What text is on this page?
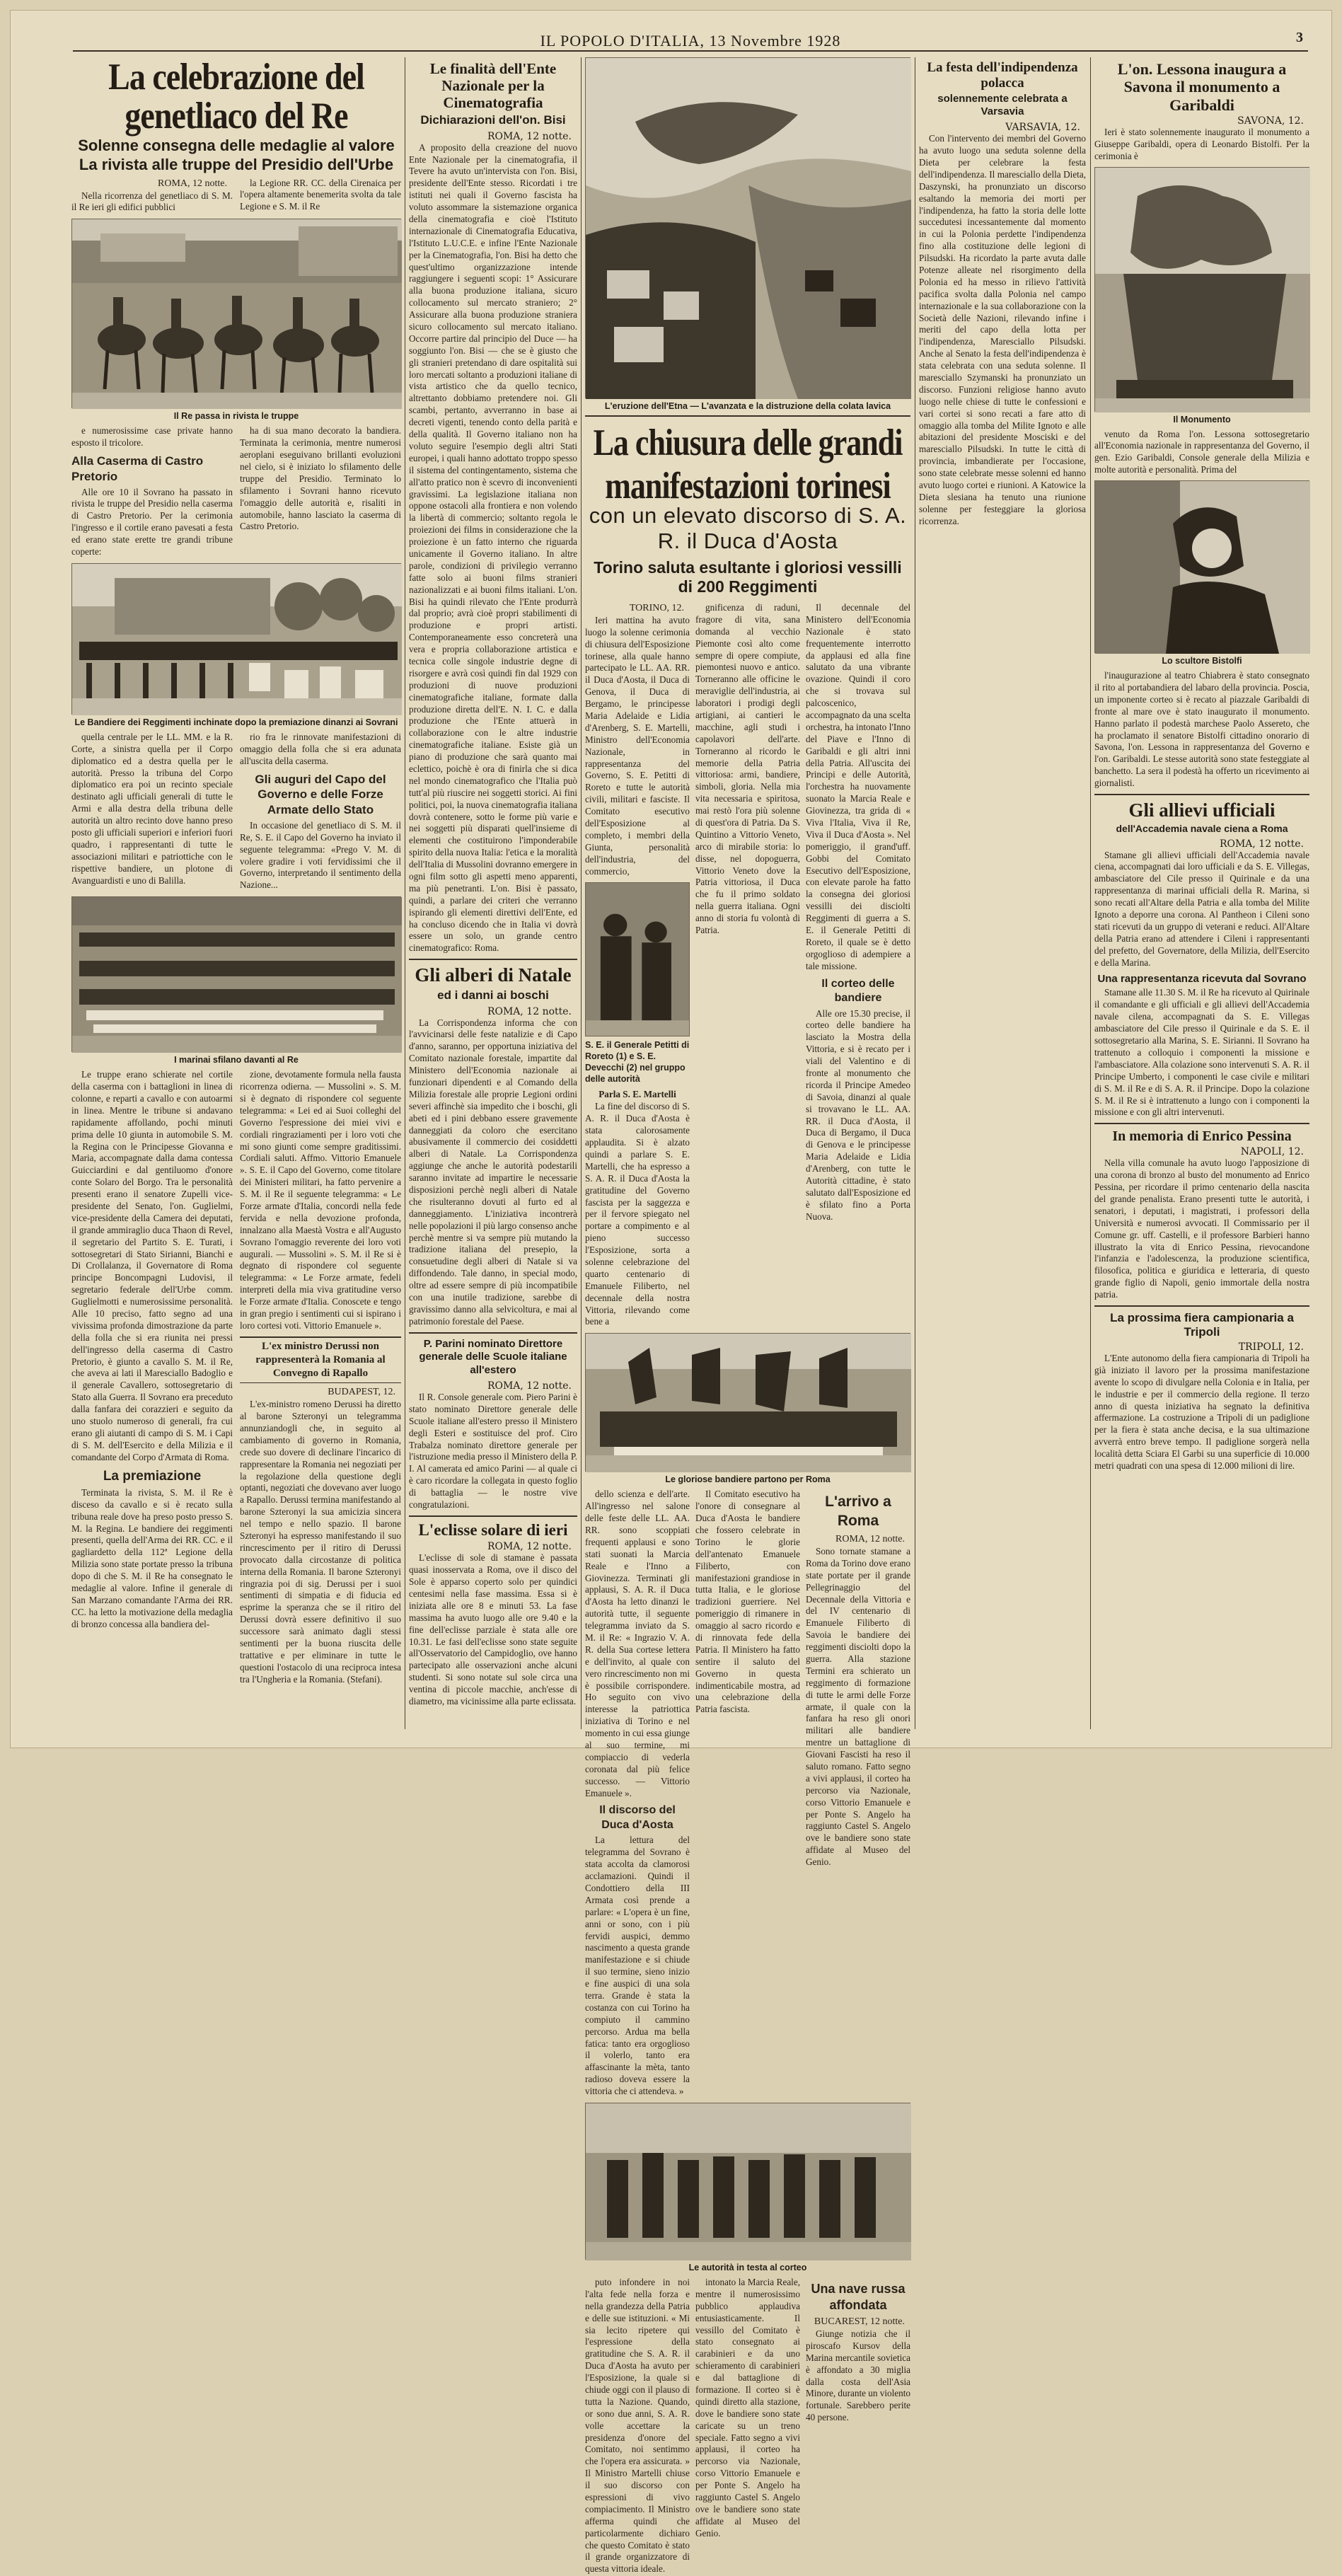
IL POPOLO D'ITALIA, 13 Novembre 1928	3
La celebrazione del genetliaco del Re
Solenne consegna delle medaglie al valore
La rivista alle truppe del Presidio dell'Urbe
ROMA, 12 notte.

Nella ricorrenza del genetliaco di S. M. il Re ieri gli edifici pubblici

la Legione RR. CC. della Cirenaica per l'opera altamente benemerita svolta da tale Legione e S. M. il Re

Il Re passa in rivista le truppe

e numerosissime case private hanno esposto il tricolore.

Alla Caserma di Castro Pretorio

Alle ore 10 il Sovrano ha passato in rivista le truppe del Presidio nella caserma di Castro Pretorio. Per la cerimonia l'ingresso e il cortile erano pavesati a festa ed erano state erette tre grandi tribune coperte:

ha di sua mano decorato la bandiera. Terminata la cerimonia, mentre numerosi aeroplani eseguivano brillanti evoluzioni nel cielo, si è iniziato lo sfilamento delle truppe del Presidio. Terminato lo sfilamento i Sovrani hanno ricevuto l'omaggio delle autorità e, risaliti in automobile, hanno lasciato la caserma di Castro Pretorio.

Le Bandiere dei Reggimenti inchinate dopo la premiazione dinanzi ai Sovrani

quella centrale per le LL. MM. e la R. Corte, a sinistra quella per il Corpo diplomatico ed a destra quella per le autorità. Presso la tribuna del Corpo diplomatico era poi un recinto speciale destinato agli ufficiali generali di tutte le Armi e alla destra della tribuna delle autorità un altro recinto dove hanno preso posto gli ufficiali superiori e inferiori fuori quadro, i rappresentanti di tutte le associazioni militari e patriottiche con le rispettive bandiere, un plotone di Avanguardisti e uno di Balilla.

rio fra le rinnovate manifestazioni di omaggio della folla che si era adunata all'uscita della caserma.

Gli auguri del Capo del Governo e delle Forze Armate dello Stato

In occasione del genetliaco di S. M. il Re, S. E. il Capo del Governo ha inviato il seguente telegramma: «Prego V. M. di volere gradire i voti fervidissimi che il Governo, interpretando il sentimento della Nazione...

I marinai sfilano davanti al Re

Le truppe erano schierate nel cortile della caserma con i battaglioni in linea di colonne, e reparti a cavallo e con autoarmi in linea. Mentre le tribune si andavano rapidamente affollando, pochi minuti prima delle 10 giunta in automobile S. M. la Regina con le Principesse Giovanna e Maria, accompagnate dalla dama contessa Guicciardini e dal gentiluomo d'onore conte Solaro del Borgo. Tra le personalità presenti erano il senatore Zupelli vice-presidente del Senato, l'on. Guglielmi, vice-presidente della Camera dei deputati, il grande ammiraglio duca Thaon di Revel, il segretario del Partito S. E. Turati, i sottosegretari di Stato Sirianni, Bianchi e Di Crollalanza, il Governatore di Roma principe Boncompagni Ludovisi, il segretario federale dell'Urbe comm. Guglielmotti e numerosissime personalità. Alle 10 preciso, fatto segno ad una vivissima profonda dimostrazione da parte della folla che si era riunita nei pressi dell'ingresso della caserma di Castro Pretorio, è giunto a cavallo S. M. il Re, che aveva ai lati il Maresciallo Badoglio e il generale Cavallero, sottosegretario di Stato alla Guerra. Il Sovrano era preceduto dalla fanfara dei corazzieri e seguito da uno stuolo numeroso di generali, fra cui erano gli aiutanti di campo di S. M. i Capi di S. M. dell'Esercito e della Milizia e il comandante del Corpo d'Armata di Roma.

La premiazione

Terminata la rivista, S. M. il Re è disceso da cavallo e si è recato sulla tribuna reale dove ha preso posto presso S. M. la Regina. Le bandiere dei reggimenti presenti, quella dell'Arma dei RR. CC. e il gagliardetto della 112ª Legione della Milizia sono state portate presso la tribuna dopo di che S. M. il Re ha consegnato le medaglie al valore. Infine il generale di San Marzano comandante l'Arma dei RR. CC. ha letto la motivazione della medaglia di bronzo concessa alla bandiera del-

zione, devotamente formula nella fausta ricorrenza odierna. — Mussolini ». S. M. si è degnato di rispondere col seguente telegramma: « Lei ed ai Suoi colleghi del Governo l'espressione dei miei vivi e cordiali ringraziamenti per i loro voti che mi sono giunti come sempre graditissimi. Cordiali saluti. Affmo. Vittorio Emanuele ». S. E. il Capo del Governo, come titolare dei Ministeri militari, ha fatto pervenire a S. M. il Re il seguente telegramma: « Le Forze armate d'Italia, concordi nella fede fervida e nella devozione profonda, innalzano alla Maestà Vostra e all'Augusto Sovrano l'omaggio reverente dei loro voti augurali. — Mussolini ». S. M. il Re si è degnato di rispondere col seguente telegramma: « Le Forze armate, fedeli interpreti della mia viva gratitudine verso le Forze armate d'Italia. Conoscete e tengo in gran pregio i sentimenti cui si ispirano i loro cortesi voti. Vittorio Emanuele ».

L'ex ministro Derussi non rappresenterà la Romania al Convegno di Rapallo
BUDAPEST, 12.

L'ex-ministro romeno Derussi ha diretto al barone Szteronyi un telegramma annunziandogli che, in seguito al cambiamento di governo in Romania, crede suo dovere di declinare l'incarico di rappresentare la Romania nei negoziati per la regolazione della questione degli optanti, negoziati che dovevano aver luogo a Rapallo. Derussi termina manifestando al barone Szteronyi la sua amicizia sincera nel tempo e nello spazio. Il barone Szteronyi ha espresso manifestando il suo rincrescimento per il ritiro di Derussi provocato dalla circostanze di politica interna della Romania. Il barone Szteronyi ringrazia poi di sig. Derussi per i suoi sentimenti di simpatia e di fiducia ed esprime la speranza che se il ritiro del Derussi dovrà essere definitivo il suo successore sarà animato dagli stessi sentimenti per la buona riuscita delle trattative e per eliminare in tutte le questioni l'ostacolo di una reciproca intesa tra l'Ungheria e la Romania. (Stefani).

Le finalità dell'Ente Nazionale per la Cinematografia
Dichiarazioni dell'on. Bisi
ROMA, 12 notte.

A proposito della creazione del nuovo Ente Nazionale per la cinematografia, il Tevere ha avuto un'intervista con l'on. Bisi, presidente dell'Ente stesso. Ricordati i tre istituti nei quali il Governo fascista ha voluto assommare la sistemazione organica della cinematografia e cioè l'Istituto internazionale di Cinematografia Educativa, l'Istituto L.U.C.E. e infine l'Ente Nazionale per la Cinematografia, l'on. Bisi ha detto che quest'ultimo organizzazione intende raggiungere i seguenti scopi: 1° Assicurare alla buona produzione italiana, sicuro collocamento sul mercato straniero; 2° Assicurare alla buona produzione straniera sicuro collocamento sul mercato italiano. Occorre partire dal principio del Duce — ha soggiunto l'on. Bisi — che se è giusto che gli stranieri pretendano di dare ospitalità sui loro mercati soltanto a produzioni italiane di vista artistico che da quello tecnico, altrettanto dobbiamo pretendere noi. Gli scambi, pertanto, avverranno in base ai decreti vigenti, tenendo conto della parità e della qualità. Il Governo italiano non ha voluto seguire l'esempio degli altri Stati europei, i quali hanno adottato troppo spesso il sistema del contingentamento, sistema che all'atto pratico non è scevro di inconvenienti gravissimi. La legislazione italiana non oppone ostacoli alla frontiera e non volendo la libertà di commercio; soltanto regola le proiezioni dei films in considerazione che la proiezione è un fatto interno che riguarda unicamente il Governo italiano. In altre parole, condizioni di privilegio verranno fatte solo ai buoni films stranieri nazionalizzati e ai buoni films italiani. L'on. Bisi ha quindi rilevato che l'Ente produrrà dal proprio; avrà cioè propri stabilimenti di produzione e propri artisti. Contemporaneamente esso concreterà una vera e propria collaborazione artistica e tecnica colle singole industrie degne di risorgere e avrà così quindi fin dal 1929 con produzioni di nuove produzioni cinematografiche italiane, formate dalla produzione diretta dell'E. N. I. C. e dalla produzione che l'Ente attuerà in collaborazione con le altre industrie cinematografiche italiane. Esiste già un piano di produzione che sarà quanto mai eclettico, poichè è ora di finirla che si dica nel mondo cinematografico che l'Italia può tutt'al più riuscire nei soggetti storici. Ai fini politici, poi, la nuova cinematografia italiana dovrà contenere, sotto le forme più varie e nei soggetti più disparati quell'insieme di elementi che costituirono l'imponderabile spirito della nuova Italia: l'etica e la moralità dell'Italia di Mussolini dovranno emergere in ogni film sotto gli aspetti meno apparenti, ma più penetranti. L'on. Bisi è passato, quindi, a parlare dei criteri che verranno ispirando gli elementi direttivi dell'Ente, ed ha concluso dicendo che in Italia vi dovrà essere un solo, un grande centro cinematografico: Roma.

Gli alberi di Natale
ed i danni ai boschi
ROMA, 12 notte.

La Corrispondenza informa che con l'avvicinarsi delle feste natalizie e di Capo d'anno, saranno, per opportuna iniziativa del Comitato nazionale forestale, impartite dal Ministero dell'Economia nazionale ai funzionari dipendenti e al Comando della Milizia forestale alle proprie Legioni ordini severi affinchè sia impedito che i boschi, gli abeti ed i pini debbano essere gravemente danneggiati da coloro che esercitano abusivamente il commercio dei cosiddetti alberi di Natale. La Corrispondenza aggiunge che anche le autorità podestarili saranno invitate ad impartire le necessarie disposizioni perchè negli alberi di Natale che risulteranno dovuti al furto ed al danneggiamento. L'iniziativa incontrerà nelle popolazioni il più largo consenso anche perchè mentre si va sempre più mutando la tradizione italiana del presepio, la consuetudine degli alberi di Natale si va diffondendo. Tale danno, in special modo, oltre ad essere sempre di più incompatibile con una inutile tradizione, sarebbe di gravissimo danno alla selvicoltura, e mai al patrimonio forestale del Paese.

P. Parini nominato Direttore generale delle Scuole italiane all'estero
ROMA, 12 notte.

Il R. Console generale com. Piero Parini è stato nominato Direttore generale delle Scuole italiane all'estero presso il Ministero degli Esteri e sostituisce del prof. Ciro Trabalza nominato direttore generale per l'istruzione media presso il Ministero della P. I. Al camerata ed amico Parini — al quale ci è caro ricordare la collegata in questo foglio di battaglia — le nostre vive congratulazioni.

L'eclisse solare di ieri
ROMA, 12 notte.

L'eclisse di sole di stamane è passata quasi inosservata a Roma, ove il disco del Sole è apparso coperto solo per quindici centesimi nella fase massima. Essa si è iniziata alle ore 8 e minuti 53. La fase massima ha avuto luogo alle ore 9.40 e la fine dell'eclisse parziale è stata alle ore 10.31. Le fasi dell'eclisse sono state seguite all'Osservatorio del Campidoglio, ove hanno partecipato alle osservazioni anche alcuni studenti. Si sono notate sul sole circa una ventina di piccole macchie, anch'esse di diametro, ma vicinissime alla parte eclissata.

L'eruzione dell'Etna — L'avanzata e la distruzione della colata lavica
La chiusura delle grandi manifestazioni torinesi
con un elevato discorso di S. A. R. il Duca d'Aosta
Torino saluta esultante i gloriosi vessilli di 200 Reggimenti
TORINO, 12.

Ieri mattina ha avuto luogo la solenne cerimonia di chiusura dell'Esposizione torinese, alla quale hanno partecipato le LL. AA. RR. il Duca d'Aosta, il Duca di Genova, il Duca di Bergamo, le principesse Maria Adelaide e Lidia d'Arenberg, S. E. Martelli, Ministro dell'Economia Nazionale, in rappresentanza del Governo, S. E. Petitti di Roreto e tutte le autorità civili, militari e fasciste. Il Comitato esecutivo dell'Esposizione al completo, i membri della Giunta, personalità dell'industria, del commercio,

S. E. il Generale Petitti di Roreto (1) e S. E. Devecchi (2) nel gruppo delle autorità

Parla S. E. Martelli

La fine del discorso di S. A. R. il Duca d'Aosta è stata calorosamente applaudita. Si è alzato quindi a parlare S. E. Martelli, che ha espresso a S. A. R. il Duca d'Aosta la gratitudine del Governo fascista per la saggezza e per il fervore spiegato nel portare a compimento e al pieno successo l'Esposizione, sorta a solenne celebrazione del quarto centenario di Emanuele Filiberto, nel decennale della nostra Vittoria, rilevando come bene a

gnificenza di raduni, fragore di vita, sana domanda al vecchio Piemonte così alto come sempre di opere compiute, piemontesi nuovo e antico. Torneranno alle officine le meraviglie dell'industria, ai laboratori i prodigi degli artigiani, ai cantieri le macchine, agli studi i capolavori dell'arte. Torneranno al ricordo le memorie della Patria vittoriosa: armi, bandiere, simboli, gloria. Nella mia vita necessaria e spiritosa, mai restò l'ora più solenne di quest'ora di Patria. Da S. Quintino a Vittorio Veneto, arco di mirabile storia: lo disse, nel dopoguerra, Vittorio Veneto dove la Patria vittoriosa, il Duca che fu il primo soldato nella guerra italiana. Ogni anno di storia fu volontà di Patria.

Il decennale del Ministero dell'Economia Nazionale è stato frequentemente interrotto da applausi ed alla fine salutato da una vibrante ovazione. Quindi il coro che si trovava sul palcoscenico, accompagnato da una scelta orchestra, ha intonato l'Inno del Piave e l'Inno di Garibaldi e gli altri inni della Patria. All'uscita dei Principi e delle Autorità, l'orchestra ha nuovamente suonato la Marcia Reale e Giovinezza, tra grida di « Viva l'Italia, Viva il Re, Viva il Duca d'Aosta ». Nel pomeriggio, il grand'uff. Gobbi del Comitato Esecutivo dell'Esposizione, con elevate parole ha fatto la consegna dei gloriosi vessilli dei disciolti Reggimenti di guerra a S. E. il Generale Petitti di Roreto, il quale se è detto orgoglioso di adempiere a tale missione.

Il corteo delle bandiere

Alle ore 15.30 precise, il corteo delle bandiere ha lasciato la Mostra della Vittoria, e si è recato per i viali del Valentino e di fronte al monumento che ricorda il Principe Amedeo di Savoia, dinanzi al quale si trovavano le LL. AA. RR. il Duca d'Aosta, il Duca di Bergamo, il Duca di Genova e le principesse Maria Adelaide e Lidia d'Arenberg, con tutte le Autorità cittadine, è stato salutato dall'Esposizione ed è sfilato fino a Porta Nuova.

Le gloriose bandiere partono per Roma

dello scienza e dell'arte. All'ingresso nel salone delle feste delle LL. AA. RR. sono scoppiati frequenti applausi e sono stati suonati la Marcia Reale e l'Inno a Giovinezza. Terminati gli applausi, S. A. R. il Duca d'Aosta ha letto dinanzi le autorità tutte, il seguente telegramma inviato da S. M. il Re: « Ingrazio V. A. R. della Sua cortese lettera e dell'invito, al quale con vero rincrescimento non mi è possibile corrispondere. Ho seguito con vivo interesse la patriottica iniziativa di Torino e nel momento in cui essa giunge al suo termine, mi compiaccio di vederla coronata dal più felice successo. — Vittorio Emanuele ».

Il discorso del Duca d'Aosta

La lettura del telegramma del Sovrano è stata accolta da clamorosi acclamazioni. Quindi il Condottiero della III Armata così prende a parlare: « L'opera è un fine, anni or sono, con i più fervidi auspici, demmo nascimento a questa grande manifestazione e si chiude il suo termine, sieno inizio e fine auspici di una sola terra. Grande è stata la costanza con cui Torino ha compiuto il cammino percorso. Ardua ma bella fatica: tanto era orgoglioso il volerlo, tanto era affascinante la mèta, tanto radioso doveva essere la vittoria che ci attendeva. »

Il Comitato esecutivo ha l'onore di consegnare al Duca d'Aosta le bandiere che fossero celebrate in Torino le glorie dell'antenato Emanuele Filiberto, con manifestazioni grandiose in tutta Italia, e le gloriose tradizioni guerriere. Nel pomeriggio di rimanere in omaggio al sacro ricordo e di rinnovata fede della Patria. Il Ministero ha fatto sentire il saluto del Governo in questa indimenticabile mostra, ad una celebrazione della Patria fascista.

L'arrivo a Roma
ROMA, 12 notte.

Sono tornate stamane a Roma da Torino dove erano state portate per il grande Pellegrinaggio del Decennale della Vittoria e del IV centenario di Emanuele Filiberto di Savoia le bandiere dei reggimenti disciolti dopo la guerra. Alla stazione Termini era schierato un reggimento di formazione di tutte le armi delle Forze armate, il quale con la fanfara ha reso gli onori militari alle bandiere mentre un battaglione di Giovani Fascisti ha reso il saluto romano. Fatto segno a vivi applausi, il corteo ha percorso via Nazionale, corso Vittorio Emanuele e per Ponte S. Angelo ha raggiunto Castel S. Angelo ove le bandiere sono state affidate al Museo del Genio.

Le autorità in testa al corteo

puto infondere in noi l'alta fede nella forza e nella grandezza della Patria e delle sue istituzioni. « Mi sia lecito ripetere qui l'espressione della gratitudine che S. A. R. il Duca d'Aosta ha avuto per l'Esposizione, la quale si chiude oggi con il plauso di tutta la Nazione. Quando, or sono due anni, S. A. R. volle accettare la presidenza d'onore del Comitato, noi sentimmo che l'opera era assicurata. » Il Ministro Martelli chiuse il suo discorso con espressioni di vivo compiacimento. Il Ministro afferma quindi che particolarmente dichiaro che questo Comitato è stato il grande organizzatore di questa vittoria ideale.

intonato la Marcia Reale, mentre il numerosissimo pubblico applaudiva entusiasticamente. Il vessillo del Comitato è stato consegnato ai carabinieri e da uno schieramento di carabinieri e dal battaglione di formazione. Il corteo si è quindi diretto alla stazione, dove le bandiere sono state caricate su un treno speciale. Fatto segno a vivi applausi, il corteo ha percorso via Nazionale, corso Vittorio Emanuele e per Ponte S. Angelo ha raggiunto Castel S. Angelo ove le bandiere sono state affidate al Museo del Genio.

Una nave russa affondata
BUCAREST, 12 notte.

Giunge notizia che il piroscafo Kursov della Marina mercantile sovietica è affondato a 30 miglia dalla costa dell'Asia Minore, durante un violento fortunale. Sarebbero perite 40 persone.

La festa dell'indipendenza polacca
solennemente celebrata a Varsavia
VARSAVIA, 12.

Con l'intervento dei membri del Governo ha avuto luogo una seduta solenne della Dieta per celebrare la festa dell'indipendenza. Il maresciallo della Dieta, Daszynski, ha pronunziato un discorso esaltando la memoria dei morti per l'indipendenza, ha fatto la storia delle lotte succedutesi incessantemente dal momento in cui la Polonia perdette l'indipendenza fino alla costituzione delle legioni di Pilsudski. Ha ricordato la parte avuta dalle Potenze alleate nel risorgimento della Polonia ed ha messo in rilievo l'attività pacifica svolta dalla Polonia nel campo internazionale e la sua collaborazione con la Società delle Nazioni, rilevando infine i meriti del capo della lotta per l'indipendenza, Maresciallo Pilsudski. Anche al Senato la festa dell'indipendenza è stata celebrata con una seduta solenne. Il maresciallo Szymanski ha pronunziato un discorso. Funzioni religiose hanno avuto luogo nelle chiese di tutte le confessioni e vari cortei si sono recati a fare atto di omaggio alla tomba del Milite Ignoto e alle abitazioni del presidente Mosciski e del maresciallo Pilsudski. In tutte le città di provincia, imbandierate per l'occasione, sono state celebrate messe solenni ed hanno avuto luogo cortei e riunioni. A Katowice la Dieta slesiana ha tenuto una riunione solenne per festeggiare la gloriosa ricorrenza.

L'on. Lessona inaugura a Savona il monumento a Garibaldi
SAVONA, 12.

Ieri è stato solennemente inaugurato il monumento a Giuseppe Garibaldi, opera di Leonardo Bistolfi. Per la cerimonia è

Il Monumento

venuto da Roma l'on. Lessona sottosegretario all'Economia nazionale in rappresentanza del Governo, il gen. Ezio Garibaldi, Console generale della Milizia e molte autorità e personalità. Prima del

Lo scultore Bistolfi

l'inaugurazione al teatro Chiabrera è stato consegnato il rito al portabandiera del labaro della provincia. Poscia, un imponente corteo si è recato al piazzale Garibaldi di fronte al mare ove è stato inaugurato il monumento. Hanno parlato il podestà marchese Paolo Assereto, che ha proclamato il senatore Bistolfi cittadino onorario di Savona, l'on. Lessona in rappresentanza del Governo e l'on. Garibaldi. Le stesse autorità sono state festeggiate al banchetto. La sera il podestà ha offerto un ricevimento ai giornalisti.

Gli allievi ufficiali
dell'Accademia navale ciena a Roma
ROMA, 12 notte.

Stamane gli allievi ufficiali dell'Accademia navale ciena, accompagnati dai loro ufficiali e da S. E. Villegas, ambasciatore del Cile presso il Quirinale e da una rappresentanza di marinai ufficiali della R. Marina, si sono recati all'Altare della Patria e alla tomba del Milite Ignoto a deporre una corona. Al Pantheon i Cileni sono stati ricevuti da un gruppo di veterani e reduci. All'Altare della Patria erano ad attendere i Cileni i rappresentanti del prefetto, del Governatore, della Milizia, dell'Esercito e della Marina.

Una rappresentanza ricevuta dal Sovrano

Stamane alle 11.30 S. M. il Re ha ricevuto al Quirinale il comandante e gli ufficiali e gli allievi dell'Accademia navale cilena, accompagnati da S. E. Villegas ambasciatore del Cile presso il Quirinale e da S. E. il sottosegretario alla Marina, S. E. Sirianni. Il Sovrano ha trattenuto a colloquio i componenti la missione e l'ambasciatore. Alla colazione sono intervenuti S. A. R. il Principe Umberto, i componenti le case civile e militari di S. M. il Re e di S. A. R. il Principe. Dopo la colazione S. M. il Re si è intrattenuto a lungo con i componenti la missione e con gli altri intervenuti.

In memoria di Enrico Pessina
NAPOLI, 12.

Nella villa comunale ha avuto luogo l'apposizione di una corona di bronzo al busto del monumento ad Enrico Pessina, per ricordare il primo centenario della nascita del grande penalista. Erano presenti tutte le autorità, i senatori, i deputati, i magistrati, i professori della Università e numerosi avvocati. Il Commissario per il Comune gr. uff. Castelli, e il professore Barbieri hanno illustrato la vita di Enrico Pessina, rievocandone l'infanzia e l'adolescenza, la produzione scientifica, filosofica, politica e giuridica e letteraria, di questo grande figlio di Napoli, genio immortale della nostra patria.

La prossima fiera campionaria a Tripoli
TRIPOLI, 12.

L'Ente autonomo della fiera campionaria di Tripoli ha già iniziato il lavoro per la prossima manifestazione avente lo scopo di divulgare nella Colonia e in Italia, per le industrie e per il commercio della regione. Il terzo anno di questa iniziativa ha segnato la definitiva affermazione. La costruzione a Tripoli di un padiglione per la fiera è stata anche decisa, e la sua ultimazione avverrà entro breve tempo. Il padiglione sorgerà nella località detta Sciara El Garbi su una superficie di 10.000 metri quadrati con una spesa di 12.000 milioni di lire.
